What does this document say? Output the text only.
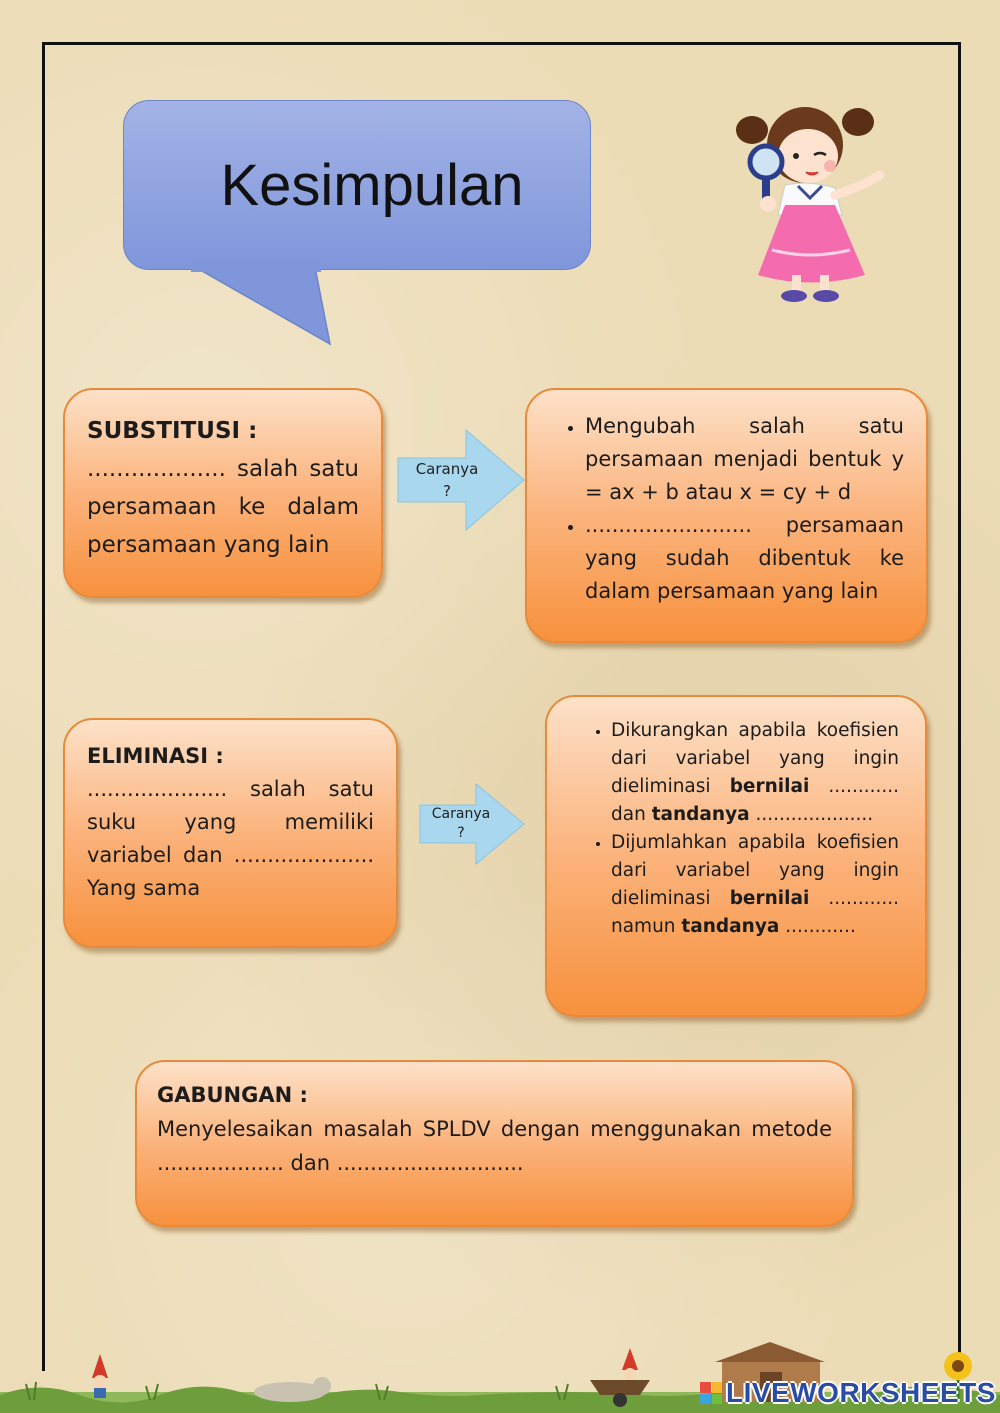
Kesimpulan
SUBSTITUSI :
................... salah satu persamaan ke dalam persamaan yang lain
Caranya
?
• Mengubah salah satu persamaan menjadi bentuk y = ax + b atau x = cy + d
• ......................... persamaan yang sudah dibentuk ke dalam persamaan yang lain
ELIMINASI :
..................... salah satu suku yang memiliki variabel dan ..................... Yang sama
Caranya
?
• Dikurangkan apabila koefisien dari variabel yang ingin dieliminasi bernilai ............ dan tandanya ....................
• Dijumlahkan apabila koefisien dari variabel yang ingin dieliminasi bernilai ............ namun tandanya ............
GABUNGAN :
Menyelesaikan masalah SPLDV dengan menggunakan metode ................... dan ............................
LIVEWORKSHEETS
